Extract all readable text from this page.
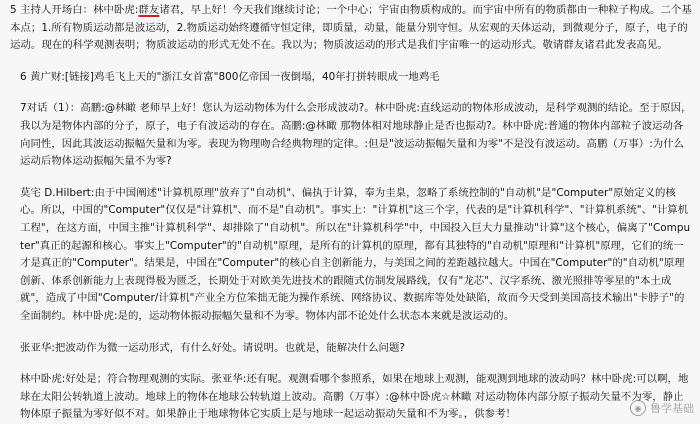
5 主持人开场白：林中卧虎:群友诸君，早上好！今天我们继续讨论；一个中心；宇宙由物质构成的。而宇宙中所有的物质都由一种粒子构成。二个基本点；1.所有物质运动都是波运动，2.物质运动始终遵循守恒定律，即质量，动量，能量分别守恒。从宏观的天体运动，到微观分子，原子，电子的运动。现在的科学观测表明；物质波运动的形式无处不在。我以为；物质波运动的形式是我们宇宙唯一的运动形式。敬请群友诸君此发表高见。

6 黄广财:[链接]鸡毛飞上天的"浙江女首富"800亿帝国一夜倒塌，40年打拼转眼成一地鸡毛

7对话（1）：高鹏:@林瞰 老师早上好！您认为运动物体为什么会形成波动?。林中卧虎:直线运动的物体形成波动，是科学观测的结论。至于原因，我以为是物体内部的分子，原子，电子有波运动的存在。高鹏:@林瞰 那物体相对地球静止是否也振动?。林中卧虎:普通的物体内部粒子波运动各向同性，因此其波运动振幅矢量和为零。表现为物理吻合经典物理的定律。:但是"波运动振幅矢量和为零"不是没有波运动。高鹏（万事）:为什么运动后物体运动振幅矢量不为零?

莫宅 D.Hilbert:由于中国阐述"计算机原理"放弃了"自动机"、偏执于计算，奉为圭臬，忽略了系统控制的"自动机"是"Computer"原始定义的核心。所以，中国的"Computer"仅仅是"计算机"、而不是"自动机"。事实上："计算机"这三个字，代表的是"计算机科学"、"计算机系统"、"计算机工程"，在这方面，中国主推"计算机科学"、却排除了"自动机"。所以在"计算机科学"中，中国投入巨大力量推动"计算"这个核心，偏离了"Computer"真正的起源和核心。事实上"Computer"的"自动机"原理，是所有的计算机的原理，都有其独特的"自动机"原理和"计算机"原理，它们的统一才是真正的"Computer"。结果是，中国在"Computer"的核心自主创新能力，与美国之间的差距越拉越大。中国在"Computer"的"自动机"原理创新、体系创新能力上表现得极为匮乏，长期处于对欧美先进技术的跟随式仿制发展路线，仅有"龙芯"、汉字系统、激光照排等零星的"本土成就"，造成了中国"Computer/计算机"产业全方位笨拙无能为操作系统、网络协议、数据库等处处缺陷，故而今天受到美国高技术输出"卡脖子"的全面制约。林中卧虎:是的，运动物体振动振幅矢量和不为零。物体内部不论处什么状态本来就是波运动的。

张亚华:把波动作为微一运动形式，有什么好处。请说明。也就是，能解决什么问题?

林中卧虎:好处是；符合物理观测的实际。张亚华:还有呢。观测看哪个参照系，如果在地球上观测，能观测到地球的波动吗？林中卧虎:可以啊，地球在太阳公转轨道上波动。地球上的物体在地球公转轨道上波动。高鹏（万事）:@林中卧虎☆林瞰 对运动物体内部分原子振动矢量不为零，静止物体原子振量为零好似不对。如果静止于地球物体它实质上是与地球一起运动振动矢量和不为零。，供参考！

◉ 鲁学基础
